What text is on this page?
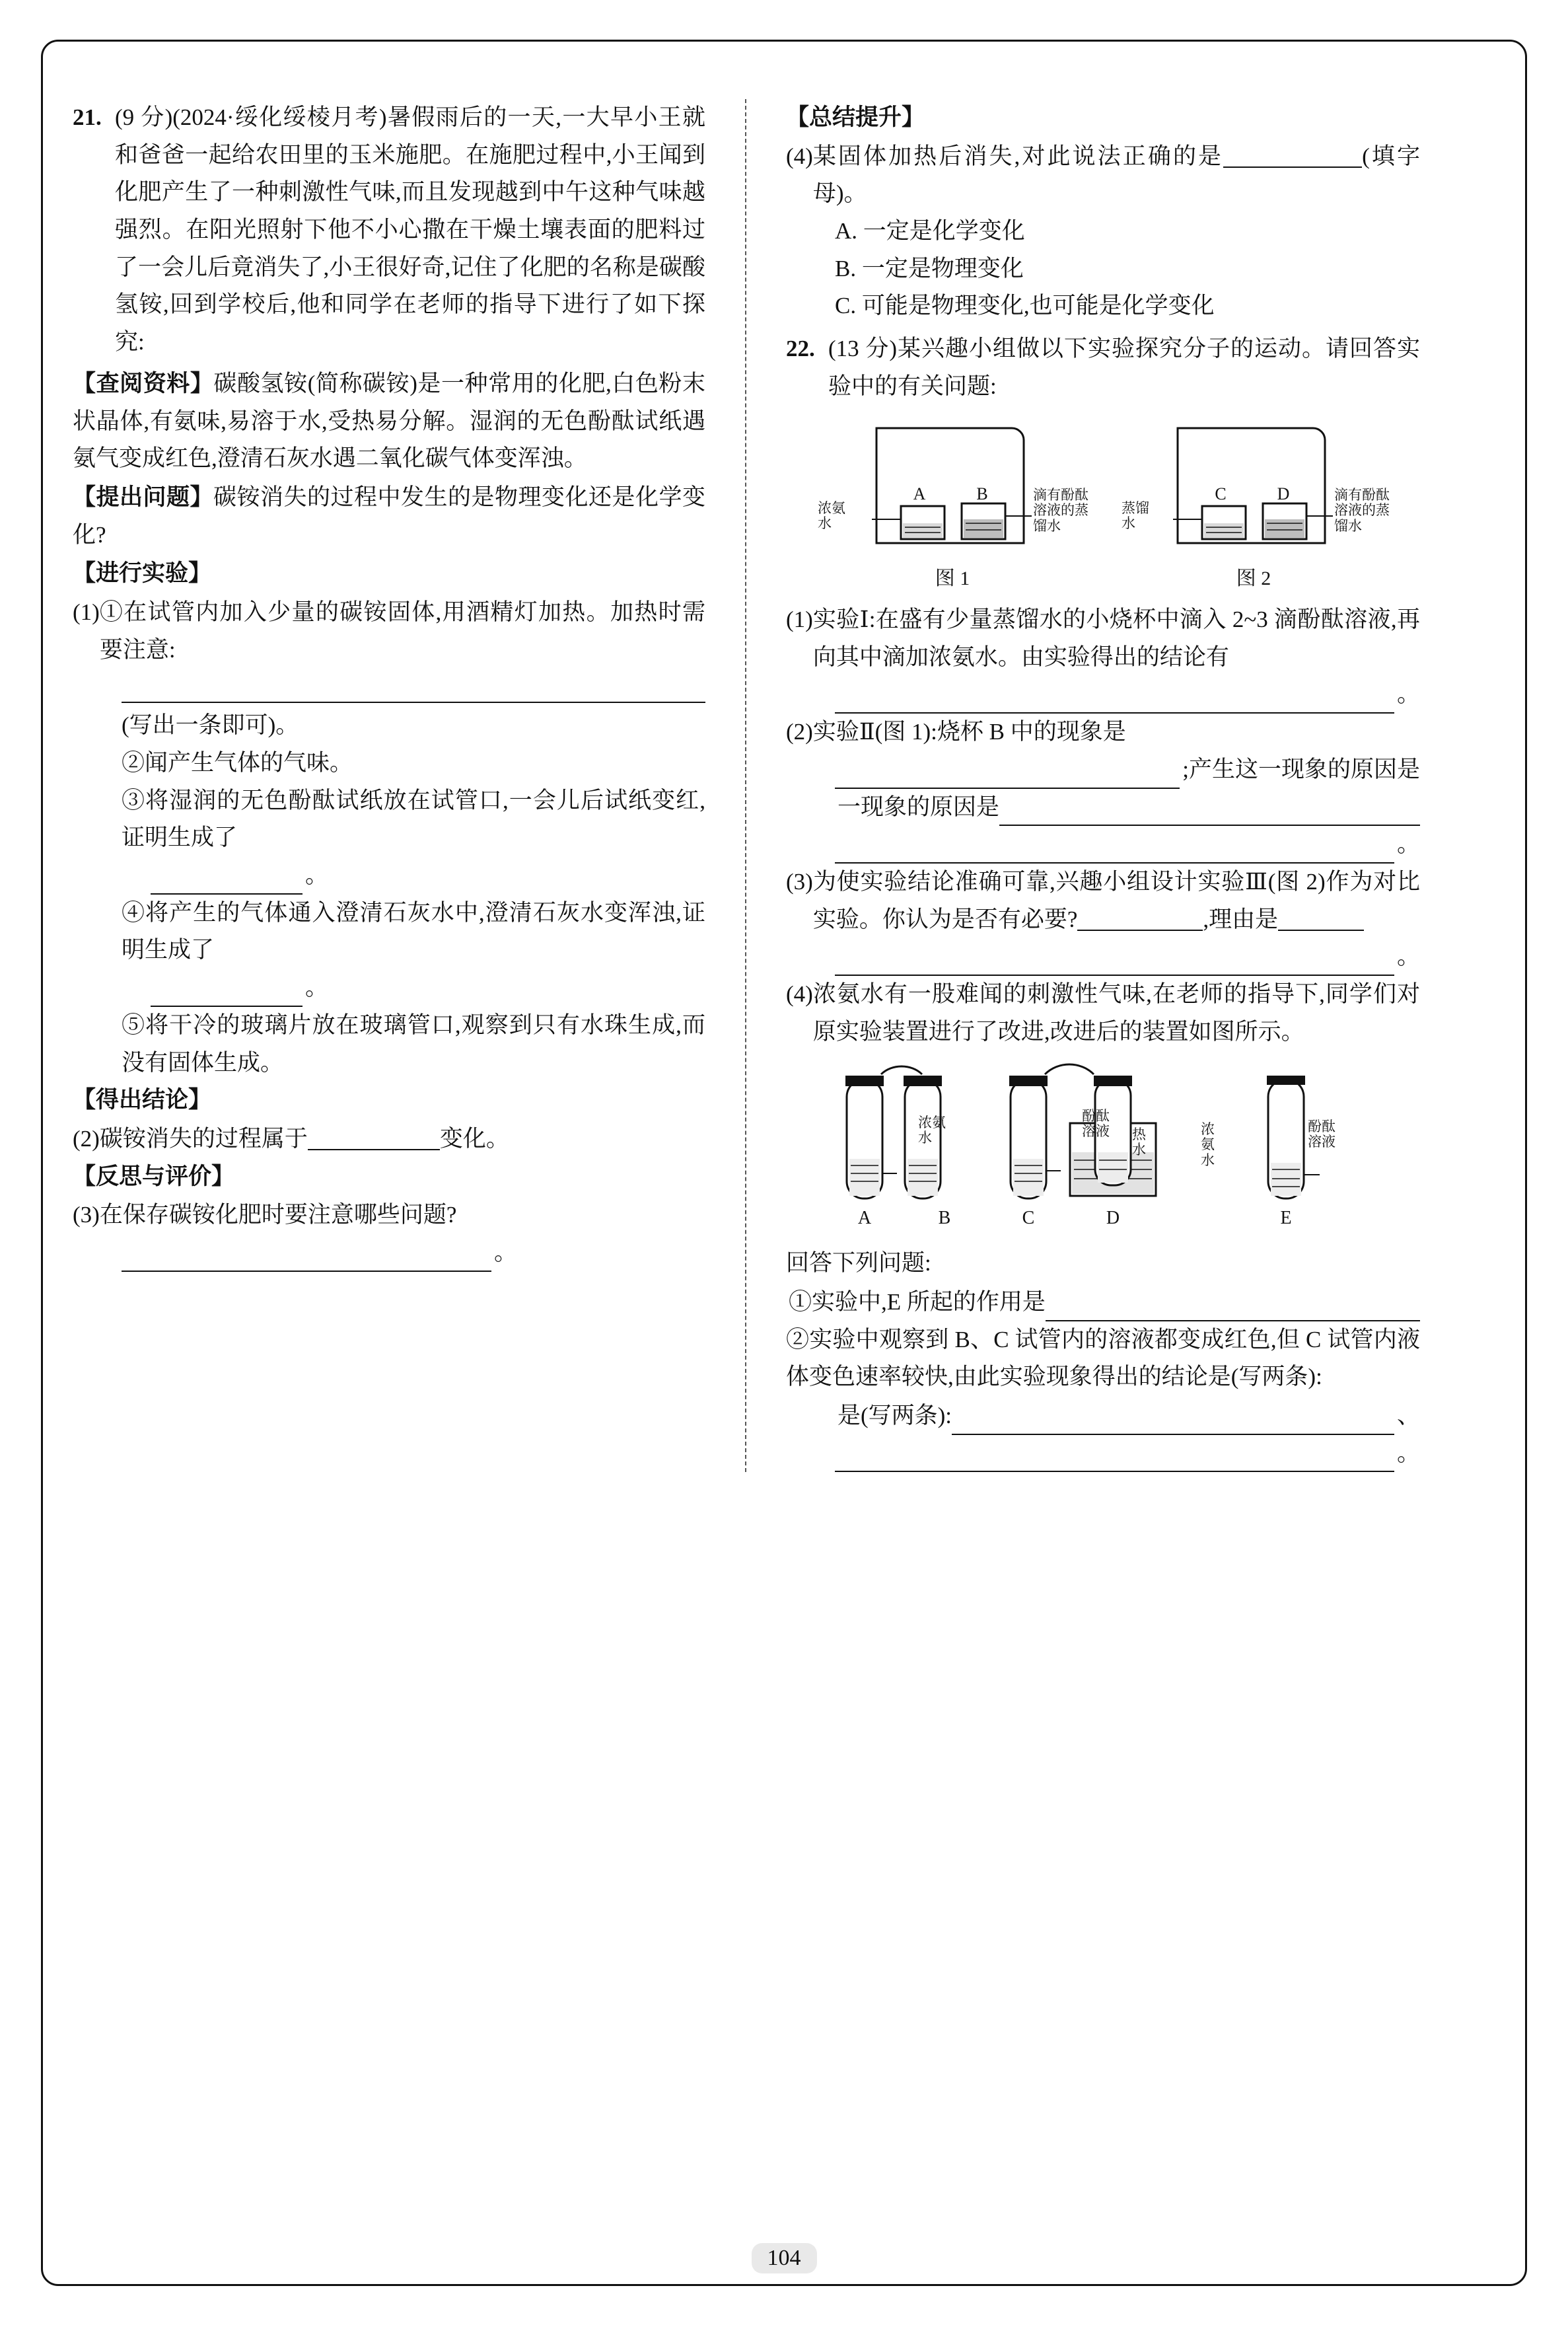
21. (9 分)(2024·绥化绥棱月考)暑假雨后的一天,一大早小王就和爸爸一起给农田里的玉米施肥。在施肥过程中,小王闻到化肥产生了一种刺激性气味,而且发现越到中午这种气味越强烈。在阳光照射下他不小心撒在干燥土壤表面的肥料过了一会儿后竟消失了,小王很好奇,记住了化肥的名称是碳酸氢铵,回到学校后,他和同学在老师的指导下进行了如下探究:
【查阅资料】碳酸氢铵(简称碳铵)是一种常用的化肥,白色粉末状晶体,有氨味,易溶于水,受热易分解。湿润的无色酚酞试纸遇氨气变成红色,澄清石灰水遇二氧化碳气体变浑浊。
【提出问题】碳铵消失的过程中发生的是物理变化还是化学变化?
【进行实验】
(1) ①在试管内加入少量的碳铵固体,用酒精灯加热。加热时需要注意:
(写出一条即可)。
②闻产生气体的气味。
③将湿润的无色酚酞试纸放在试管口,一会儿后试纸变红,证明生成了
。
④将产生的气体通入澄清石灰水中,澄清石灰水变浑浊,证明生成了
。
⑤将干冷的玻璃片放在玻璃管口,观察到只有水珠生成,而没有固体生成。
【得出结论】
(2) 碳铵消失的过程属于	变化。
【反思与评价】
(3) 在保存碳铵化肥时要注意哪些问题?
。
【总结提升】
(4) 某固体加热后消失,对此说法正确的是	(填字母)。
A. 一定是化学变化
B. 一定是物理变化
C. 可能是物理变化,也可能是化学变化
22. (13 分)某兴趣小组做以下实验探究分子的运动。请回答实验中的有关问题:
A	B
浓氨水
滴有酚酞溶液的蒸馏水
图 1
C	D
蒸馏水
滴有酚酞溶液的蒸馏水
图 2
(1) 实验Ⅰ:在盛有少量蒸馏水的小烧杯中滴入 2~3 滴酚酞溶液,再向其中滴加浓氨水。由实验得出的结论有
。
(2) 实验Ⅱ(图 1):烧杯 B 中的现象是
;产生这一现象的原因是
一现象的原因是
。
(3) 为使实验结论准确可靠,兴趣小组设计实验Ⅲ(图 2)作为对比实验。你认为是否有必要?	,理由是
。
(4) 浓氨水有一股难闻的刺激性气味,在老师的指导下,同学们对原实验装置进行了改进,改进后的装置如图所示。
A	B	C	D	E
浓氨水
酚酞溶液 热水
浓氨水
酚酞溶液
回答下列问题:
①实验中,E 所起的作用是
②实验中观察到 B、C 试管内的溶液都变成红色,但 C 试管内液体变色速率较快,由此实验现象得出的结论是(写两条):
是(写两条):	、
。
104
